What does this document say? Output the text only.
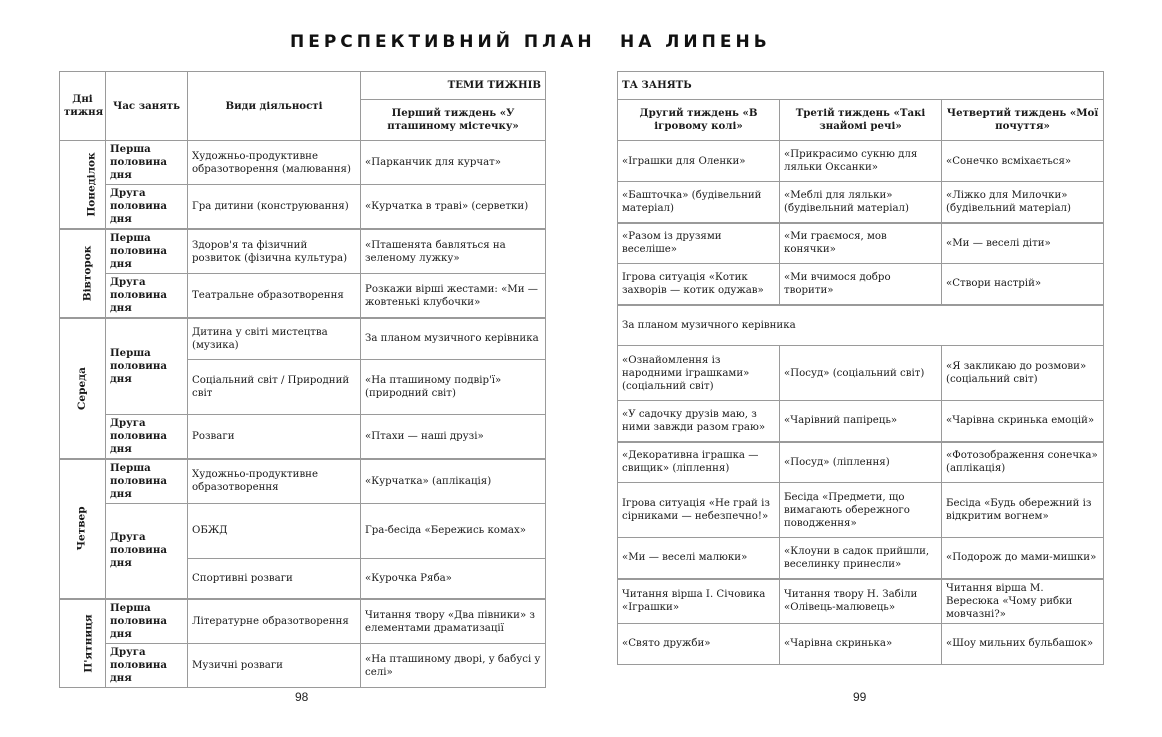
ПЕРСПЕКТИВНИЙ ПЛАН НА ЛИПЕНЬ
Дні тижня	Час занять	Види діяльності	ТЕМИ ТИЖНІВ
			Перший тиждень «У пташиному містечку»
Понеділок	Перша половина дня	Художньо-продуктивне образотворення (малювання)	«Парканчик для курчат»
	Друга половина дня	Гра дитини (конструювання)	«Курчатка в траві» (серветки)
Вівторок	Перша половина дня	Здоров'я та фізичний розвиток (фізична культура)	«Пташенята бавляться на зеленому лужку»
	Друга половина дня	Театральне образотворення	Розкажи вірші жестами: «Ми — жовтенькі клубочки»
Середа	Перша половина дня	Дитина у світі мистецтва (музика)	За планом музичного керівника
		Соціальний світ / Природний світ	«На пташиному подвір'ї» (природний світ)
	Друга половина дня	Розваги	«Птахи — наші друзі»
Четвер	Перша половина дня	Художньо-продуктивне образотворення	«Курчатка» (аплікація)
	Друга половина дня	ОБЖД	Гра-бесіда «Бережись комах»
		Спортивні розваги	«Курочка Ряба»
П'ятниця	Перша половина дня	Літературне образотворення	Читання твору «Два півники» з елементами драматизації
	Друга половина дня	Музичні розваги	«На пташиному дворі, у бабусі у селі»
ТА ЗАНЯТЬ		
Другий тиждень «В ігровому колі»	Третій тиждень «Такі знайомі речі»	Четвертий тиждень «Мої почуття»
«Іграшки для Оленки»	«Прикрасимо сукню для ляльки Оксанки»	«Сонечко всміхається»
«Башточка» (будівельний матеріал)	«Меблі для ляльки» (будівельний матеріал)	«Ліжко для Милочки» (будівельний матеріал)
«Разом із друзями веселіше»	«Ми граємося, мов конячки»	«Ми — веселі діти»
Ігрова ситуація «Котик захворів — котик одужав»	«Ми вчимося добро творити»	«Створи настрій»
За планом музичного керівника		
«Ознайомлення із народними іграшками» (соціальний світ)	«Посуд» (соціальний світ)	«Я закликаю до розмови» (соціальний світ)
«У садочку друзів маю, з ними завжди разом граю»	«Чарівний папірець»	«Чарівна скринька емоцій»
«Декоративна іграшка — свищик» (ліплення)	«Посуд» (ліплення)	«Фотозображення сонечка» (аплікація)
Ігрова ситуація «Не грай із сірниками — небезпечно!»	Бесіда «Предмети, що вимагають обережного поводження»	Бесіда «Будь обережний із відкритим вогнем»
«Ми — веселі малюки»	«Клоуни в садок прийшли, веселинку принесли»	«Подорож до мами-мишки»
Читання вірша І. Січовика «Іграшки»	Читання твору Н. Забіли «Олівець-малювець»	Читання вірша М. Вересюка «Чому рибки мовчазні?»
«Свято дружби»	«Чарівна скринька»	«Шоу мильних бульбашок»
98	99
